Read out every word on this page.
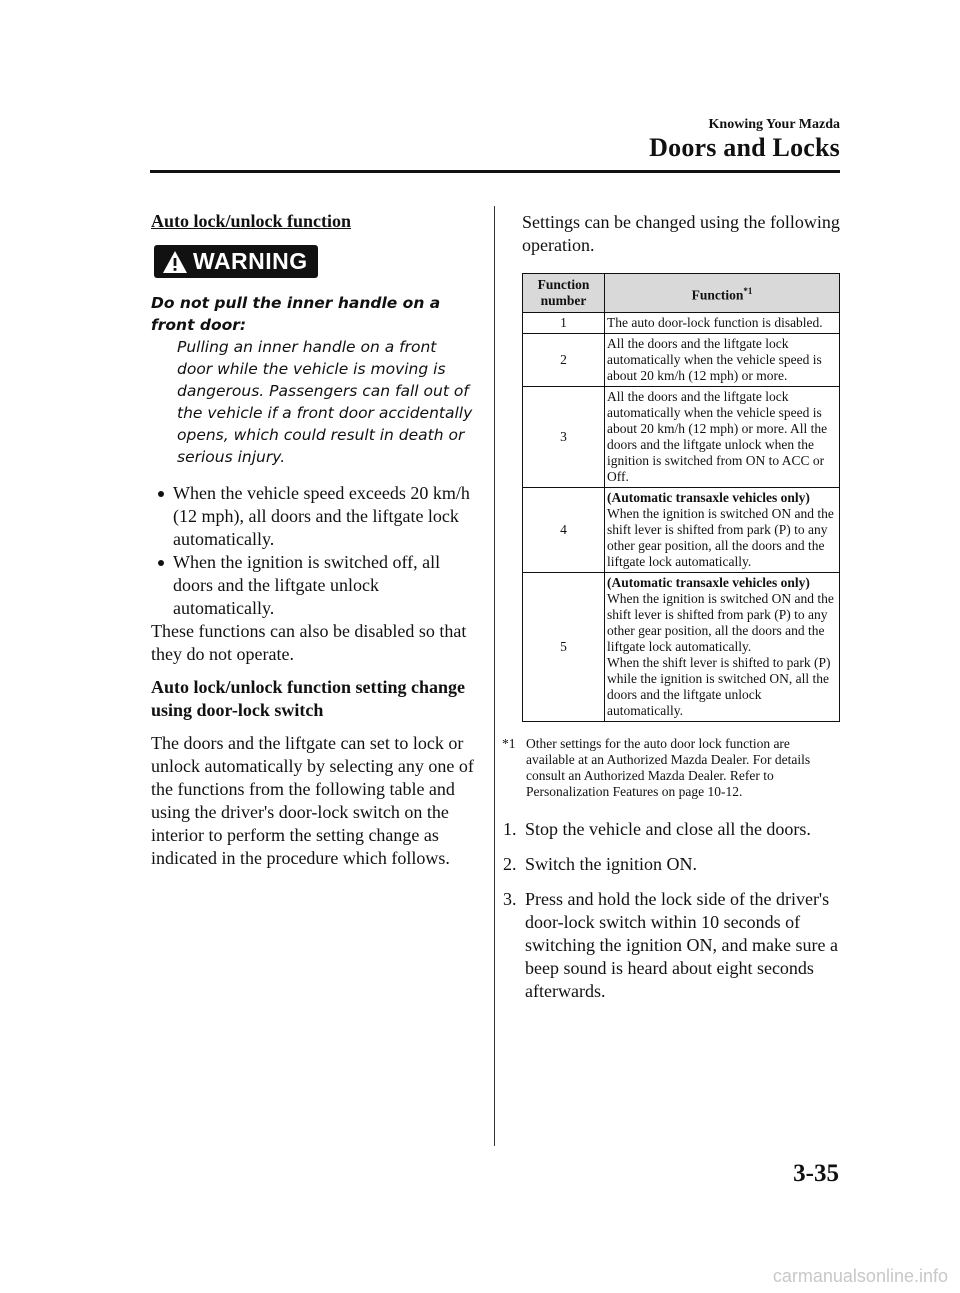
Knowing Your Mazda
Doors and Locks

Auto lock/unlock function

WARNING

Do not pull the inner handle on a front door:

Pulling an inner handle on a front door while the vehicle is moving is dangerous. Passengers can fall out of the vehicle if a front door accidentally opens, which could result in death or serious injury.

When the vehicle speed exceeds 20 km/h (12 mph), all doors and the liftgate lock automatically.
When the ignition is switched off, all doors and the liftgate unlock automatically.

These functions can also be disabled so that they do not operate.

Auto lock/unlock function setting change using door-lock switch

The doors and the liftgate can set to lock or unlock automatically by selecting any one of the functions from the following table and using the driver's door-lock switch on the interior to perform the setting change as indicated in the procedure which follows.

Settings can be changed using the following operation.

Function number	Function$^{*1}$
1	The auto door-lock function is disabled.
2	All the doors and the liftgate lock automatically when the vehicle speed is about 20 km/h (12 mph) or more.
3	All the doors and the liftgate lock automatically when the vehicle speed is about 20 km/h (12 mph) or more. All the doors and the liftgate unlock when the ignition is switched from ON to ACC or Off.
4	(Automatic transaxle vehicles only)
When the ignition is switched ON and the shift lever is shifted from park (P) to any other gear position, all the doors and the liftgate lock automatically.
5	(Automatic transaxle vehicles only)
When the ignition is switched ON and the shift lever is shifted from park (P) to any other gear position, all the doors and the liftgate lock automatically.
When the shift lever is shifted to park (P) while the ignition is switched ON, all the doors and the liftgate unlock automatically.
*1 Other settings for the auto door lock function are available at an Authorized Mazda Dealer. For details consult an Authorized Mazda Dealer. Refer to Personalization Features on page 10-12.
1. Stop the vehicle and close all the doors.
2. Switch the ignition ON.
3. Press and hold the lock side of the driver's door-lock switch within 10 seconds of switching the ignition ON, and make sure a beep sound is heard about eight seconds afterwards.
3-35
carmanualsonline.info
